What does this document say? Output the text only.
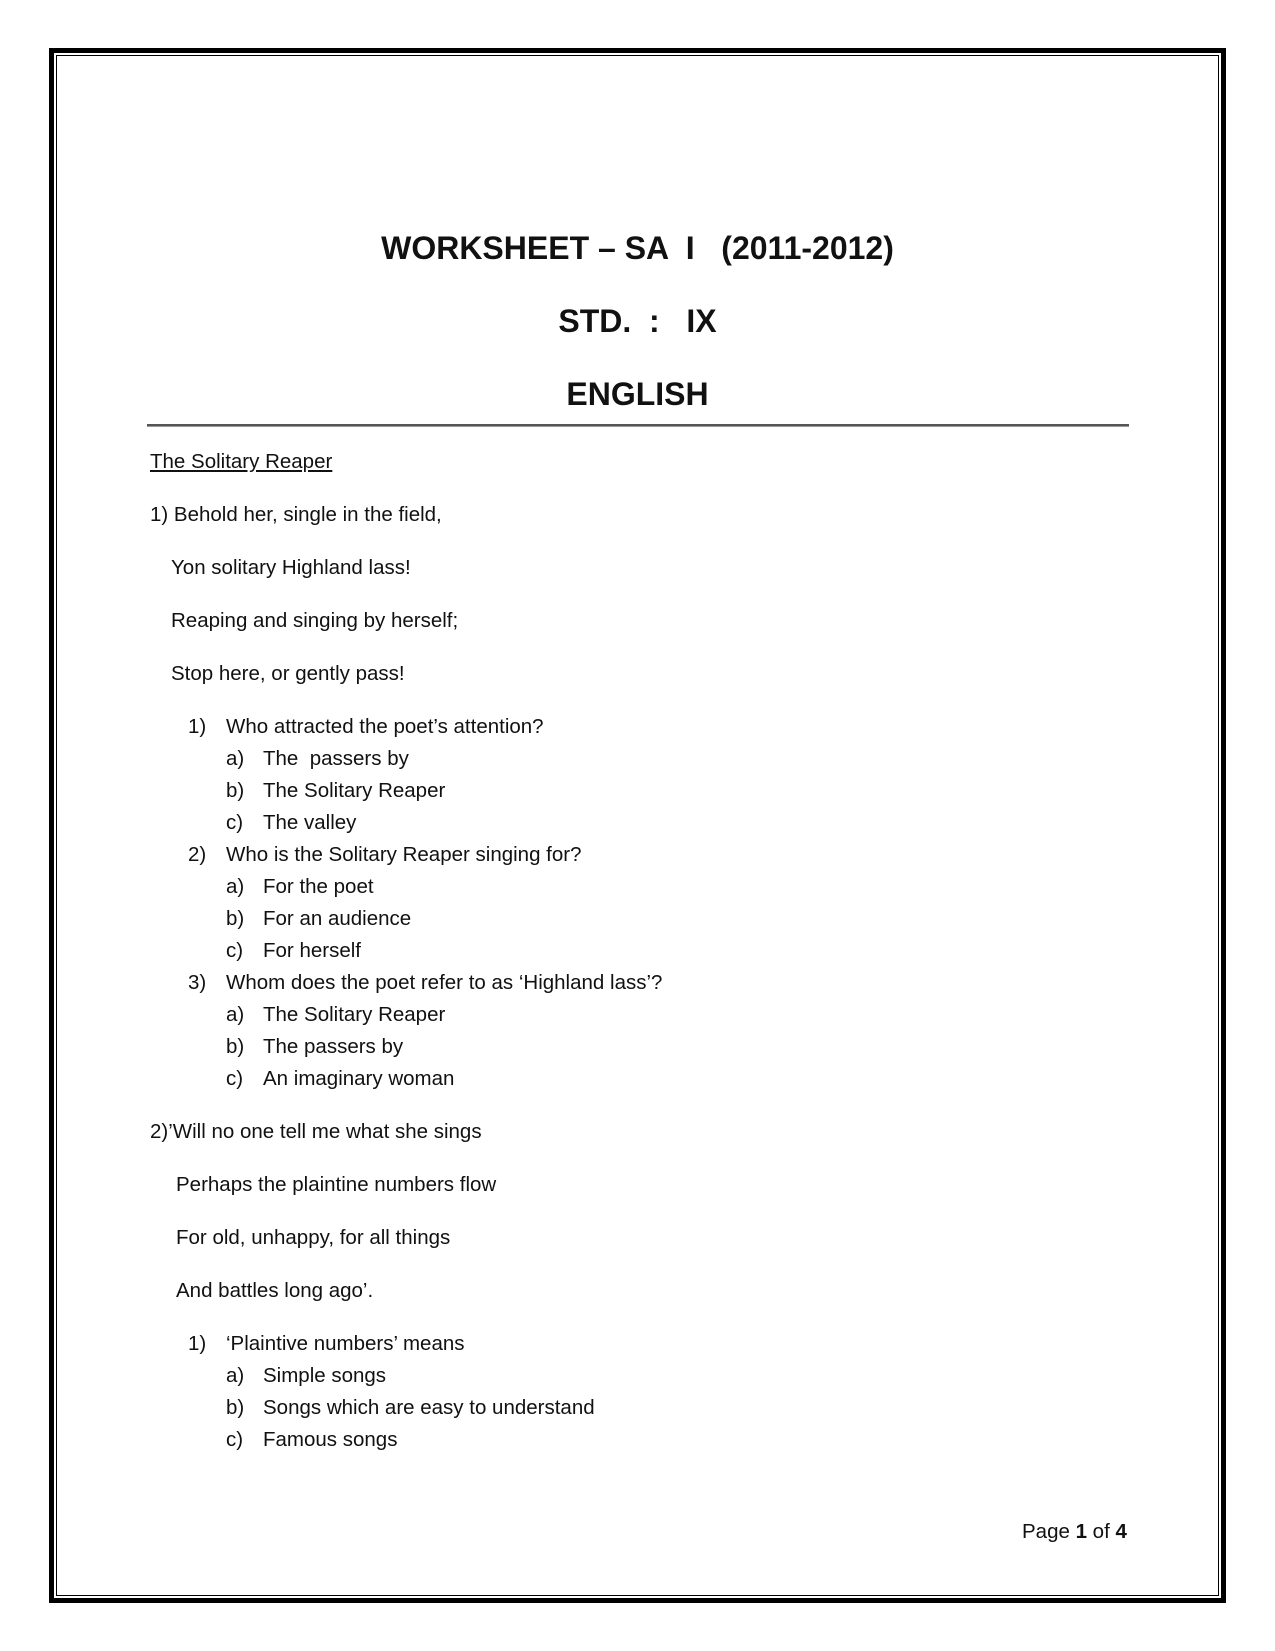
WORKSHEET – SA  I   (2011-2012)
STD.  :   IX
ENGLISH
The Solitary Reaper
1) Behold her, single in the field,
Yon solitary Highland lass!
Reaping and singing by herself;
Stop here, or gently pass!
1) Who attracted the poet’s attention?
a) The  passers by
b) The Solitary Reaper
c) The valley
2) Who is the Solitary Reaper singing for?
a) For the poet
b) For an audience
c) For herself
3) Whom does the poet refer to as ‘Highland lass’?
a) The Solitary Reaper
b) The passers by
c) An imaginary woman
2)’Will no one tell me what she sings
Perhaps the plaintine numbers flow
For old, unhappy, for all things
And battles long ago’.
1) ‘Plaintive numbers’ means
a) Simple songs
b) Songs which are easy to understand
c) Famous songs
Page 1 of 4
